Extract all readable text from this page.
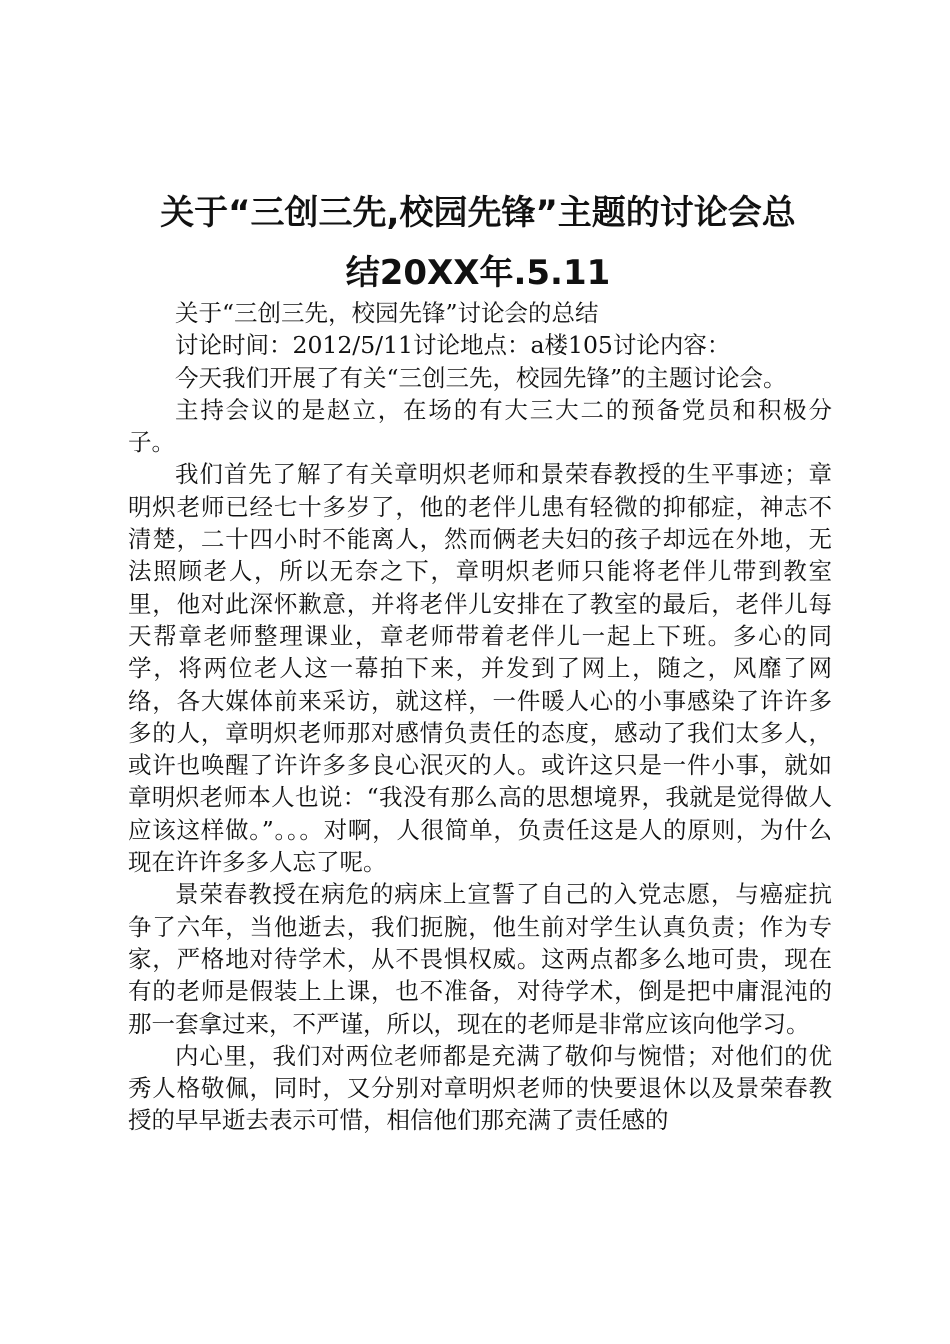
关于“三创三先,校园先锋”主题的讨论会总
结20XX年.5.11

关于“三创三先，校园先锋”讨论会的总结

讨论时间：2012/5/11讨论地点：a楼105讨论内容：

今天我们开展了有关“三创三先，校园先锋”的主题讨论会。

主持会议的是赵立，在场的有大三大二的预备党员和积极分子。

我们首先了解了有关章明炽老师和景荣春教授的生平事迹；章明炽老师已经七十多岁了，他的老伴儿患有轻微的抑郁症，神志不清楚，二十四小时不能离人，然而俩老夫妇的孩子却远在外地，无法照顾老人，所以无奈之下，章明炽老师只能将老伴儿带到教室里，他对此深怀歉意，并将老伴儿安排在了教室的最后，老伴儿每天帮章老师整理课业，章老师带着老伴儿一起上下班。多心的同学，将两位老人这一幕拍下来，并发到了网上，随之，风靡了网络，各大媒体前来采访，就这样，一件暖人心的小事感染了许许多多的人，章明炽老师那对感情负责任的态度，感动了我们太多人，或许也唤醒了许许多多良心泯灭的人。或许这只是一件小事，就如章明炽老师本人也说：“我没有那么高的思想境界，我就是觉得做人应该这样做。”。。。对啊，人很简单，负责任这是人的原则，为什么现在许许多多人忘了呢。

景荣春教授在病危的病床上宣誓了自己的入党志愿，与癌症抗争了六年，当他逝去，我们扼腕，他生前对学生认真负责；作为专家，严格地对待学术，从不畏惧权威。这两点都多么地可贵，现在有的老师是假装上上课，也不准备，对待学术，倒是把中庸混沌的那一套拿过来，不严谨，所以，现在的老师是非常应该向他学习。

内心里，我们对两位老师都是充满了敬仰与惋惜；对他们的优秀人格敬佩，同时，又分别对章明炽老师的快要退休以及景荣春教授的早早逝去表示可惜，相信他们那充满了责任感的
